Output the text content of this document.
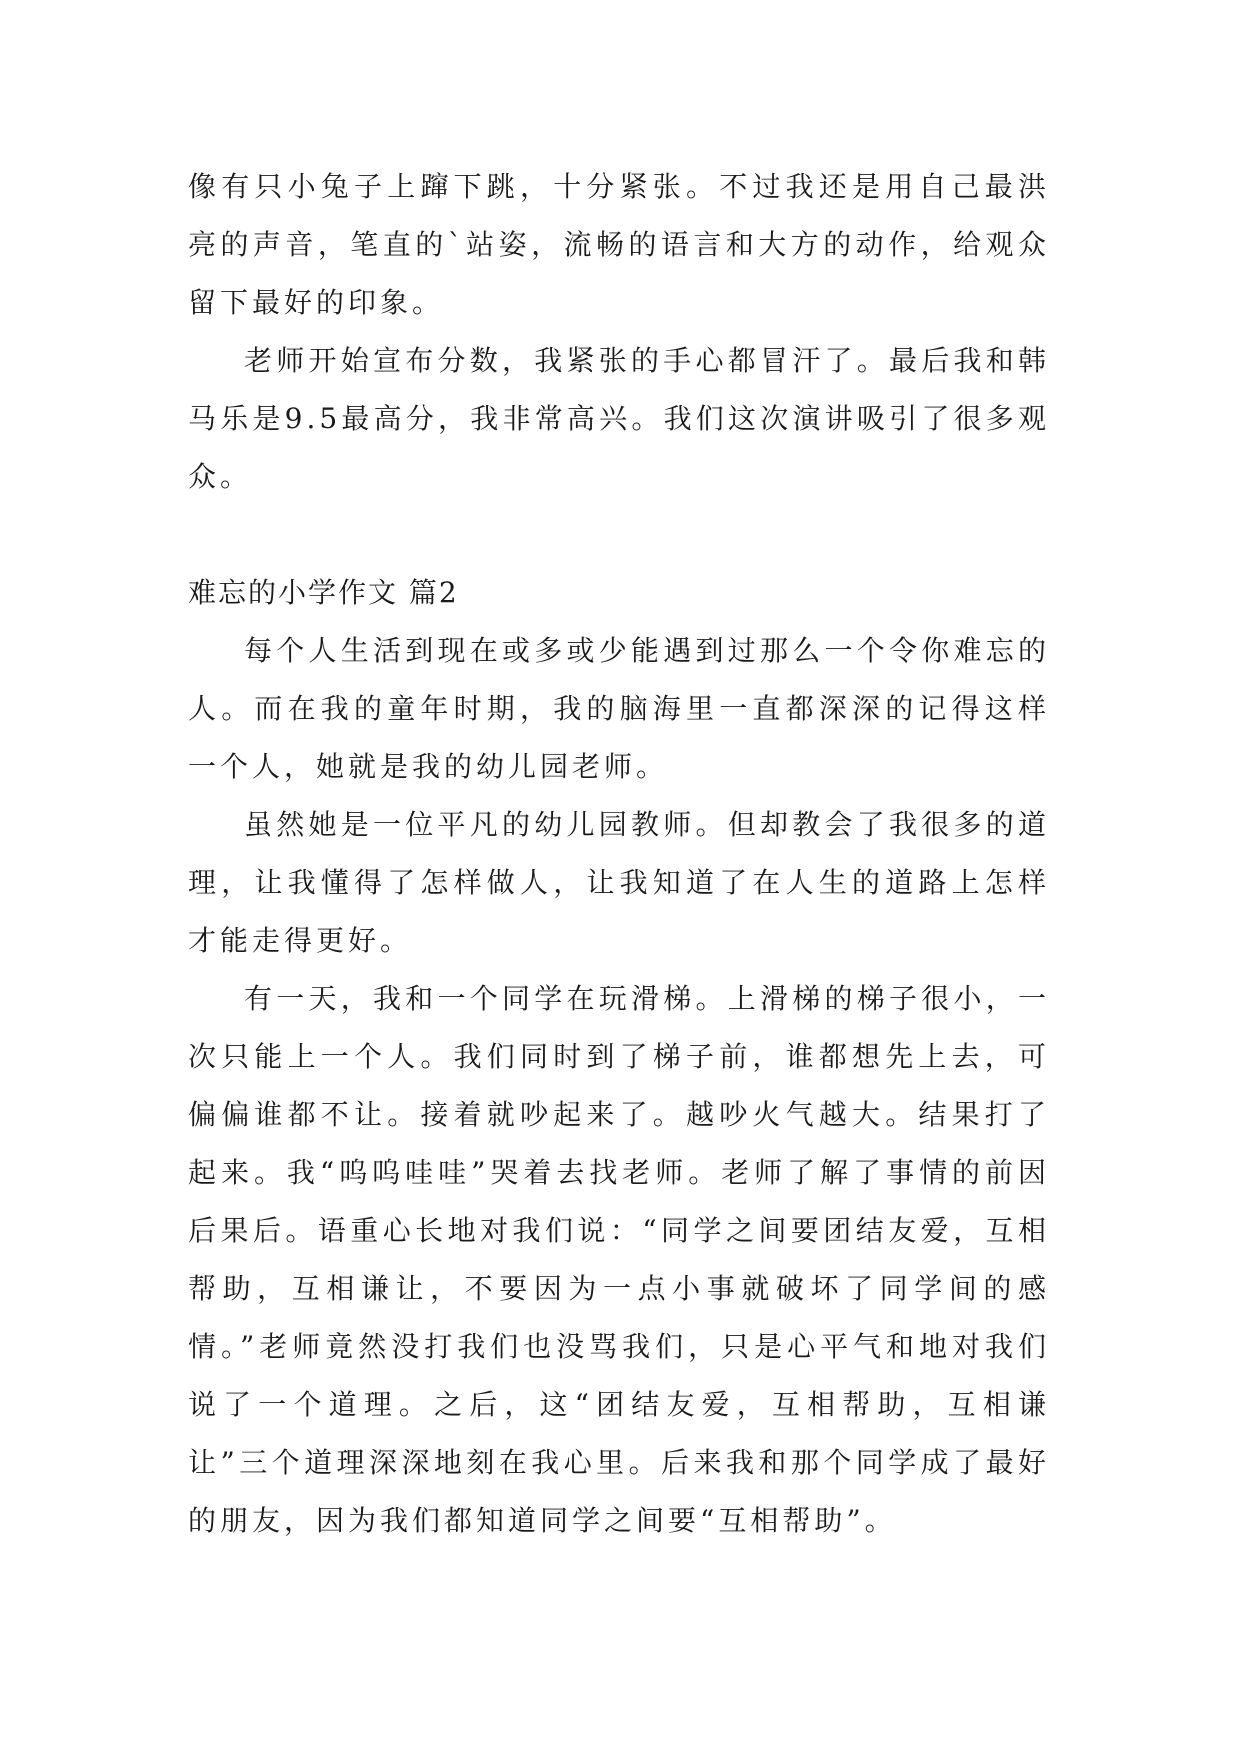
像有只小兔子上蹿下跳，十分紧张。不过我还是用自己最洪亮的声音，笔直的`站姿，流畅的语言和大方的动作，给观众留下最好的印象。

老师开始宣布分数，我紧张的手心都冒汗了。最后我和韩马乐是9.5最高分，我非常高兴。我们这次演讲吸引了很多观众。

难忘的小学作文 篇2

每个人生活到现在或多或少能遇到过那么一个令你难忘的人。而在我的童年时期，我的脑海里一直都深深的记得这样一个人，她就是我的幼儿园老师。

虽然她是一位平凡的幼儿园教师。但却教会了我很多的道理，让我懂得了怎样做人，让我知道了在人生的道路上怎样才能走得更好。

有一天，我和一个同学在玩滑梯。上滑梯的梯子很小，一次只能上一个人。我们同时到了梯子前，谁都想先上去，可偏偏谁都不让。接着就吵起来了。越吵火气越大。结果打了起来。我“呜呜哇哇”哭着去找老师。老师了解了事情的前因后果后。语重心长地对我们说：“同学之间要团结友爱，互相帮助，互相谦让，不要因为一点小事就破坏了同学间的感情。”老师竟然没打我们也没骂我们，只是心平气和地对我们说了一个道理。之后，这“团结友爱，互相帮助，互相谦让”三个道理深深地刻在我心里。后来我和那个同学成了最好的朋友，因为我们都知道同学之间要“互相帮助”。
